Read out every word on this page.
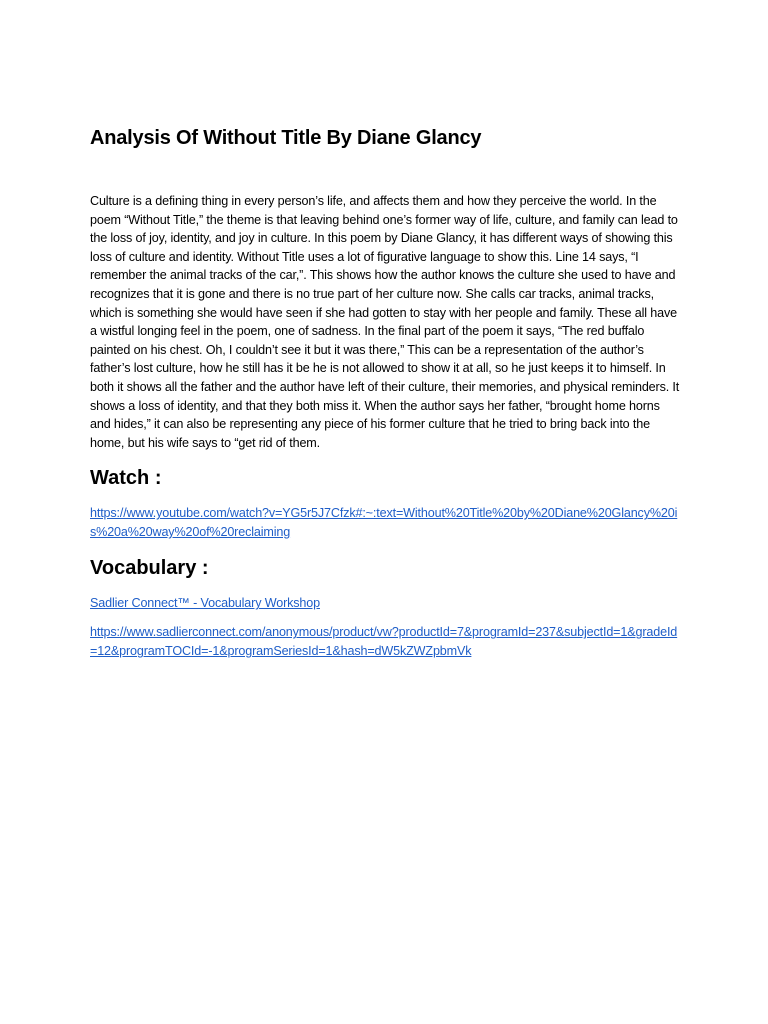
Analysis Of Without Title By Diane Glancy

Culture is a defining thing in every person’s life, and affects them and how they perceive the world. In the poem “Without Title,” the theme is that leaving behind one’s former way of life, culture, and family can lead to the loss of joy, identity, and joy in culture. In this poem by Diane Glancy, it has different ways of showing this loss of culture and identity. Without Title uses a lot of figurative language to show this. Line 14 says, “I remember the animal tracks of the car,”. This shows how the author knows the culture she used to have and recognizes that it is gone and there is no true part of her culture now. She calls car tracks, animal tracks, which is something she would have seen if she had gotten to stay with her people and family. These all have a wistful longing feel in the poem, one of sadness. In the final part of the poem it says, “The red buffalo painted on his chest. Oh, I couldn’t see it but it was there,” This can be a representation of the author’s father’s lost culture, how he still has it be he is not allowed to show it at all, so he just keeps it to himself. In both it shows all the father and the author have left of their culture, their memories, and physical reminders. It shows a loss of identity, and that they both miss it. When the author says her father, “brought home horns and hides,” it can also be representing any piece of his former culture that he tried to bring back into the home, but his wife says to “get rid of them.

Watch :
https://www.youtube.com/watch?v=YG5r5J7Cfzk#:~:text=Without%20Title%20by%20Diane%20Glancy%20is%20a%20way%20of%20reclaiming
Vocabulary :
Sadlier Connect™ - Vocabulary Workshop
https://www.sadlierconnect.com/anonymous/product/vw?productId=7&programId=237&subjectId=1&gradeId=12&programTOCId=-1&programSeriesId=1&hash=dW5kZWZpbmVk
